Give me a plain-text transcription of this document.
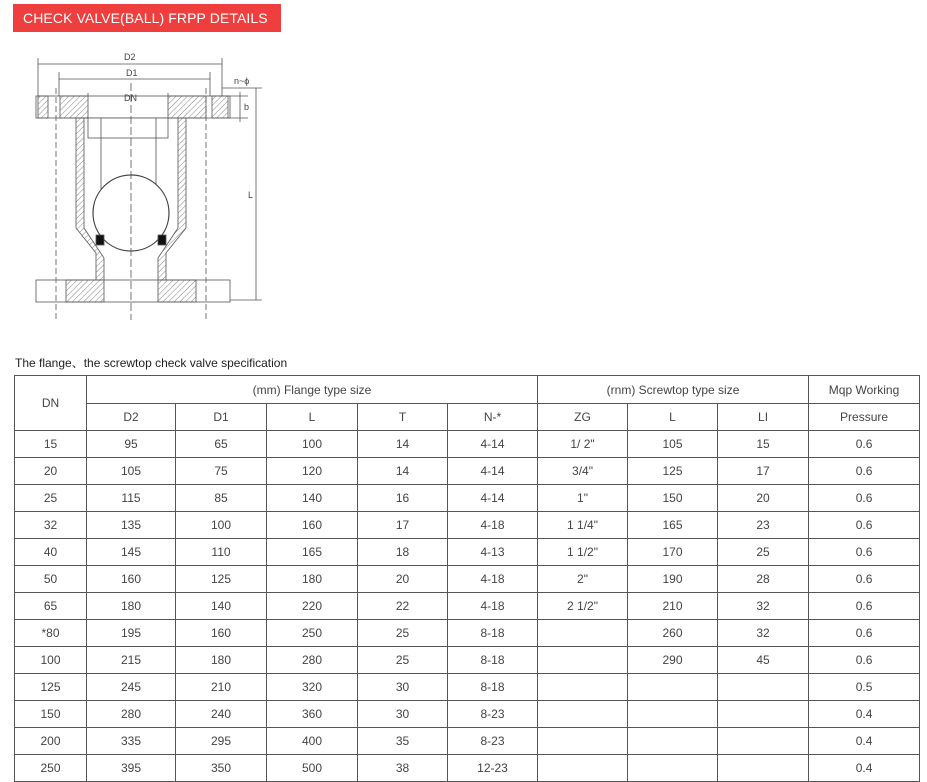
CHECK VALVE(BALL) FRPP DETAILS
D2
D1
DN
n~ϕ
b
L
The flange、the screwtop check valve specification
DN	(mm) Flange type size					(rnm) Screwtop type size			Mqp Working
	D2	D1	L	T	N-*	ZG	L	LI	Pressure
15	95	65	100	14	4-14	1/ 2"	105	15	0.6
20	105	75	120	14	4-14	3/4"	125	17	0.6
25	115	85	140	16	4-14	1"	150	20	0.6
32	135	100	160	17	4-18	1 1/4"	165	23	0.6
40	145	110	165	18	4-13	1 1/2"	170	25	0.6
50	160	125	180	20	4-18	2"	190	28	0.6
65	180	140	220	22	4-18	2 1/2"	210	32	0.6
*80	195	160	250	25	8-18		260	32	0.6
100	215	180	280	25	8-18		290	45	0.6
125	245	210	320	30	8-18				0.5
150	280	240	360	30	8-23				0.4
200	335	295	400	35	8-23				0.4
250	395	350	500	38	12-23				0.4
